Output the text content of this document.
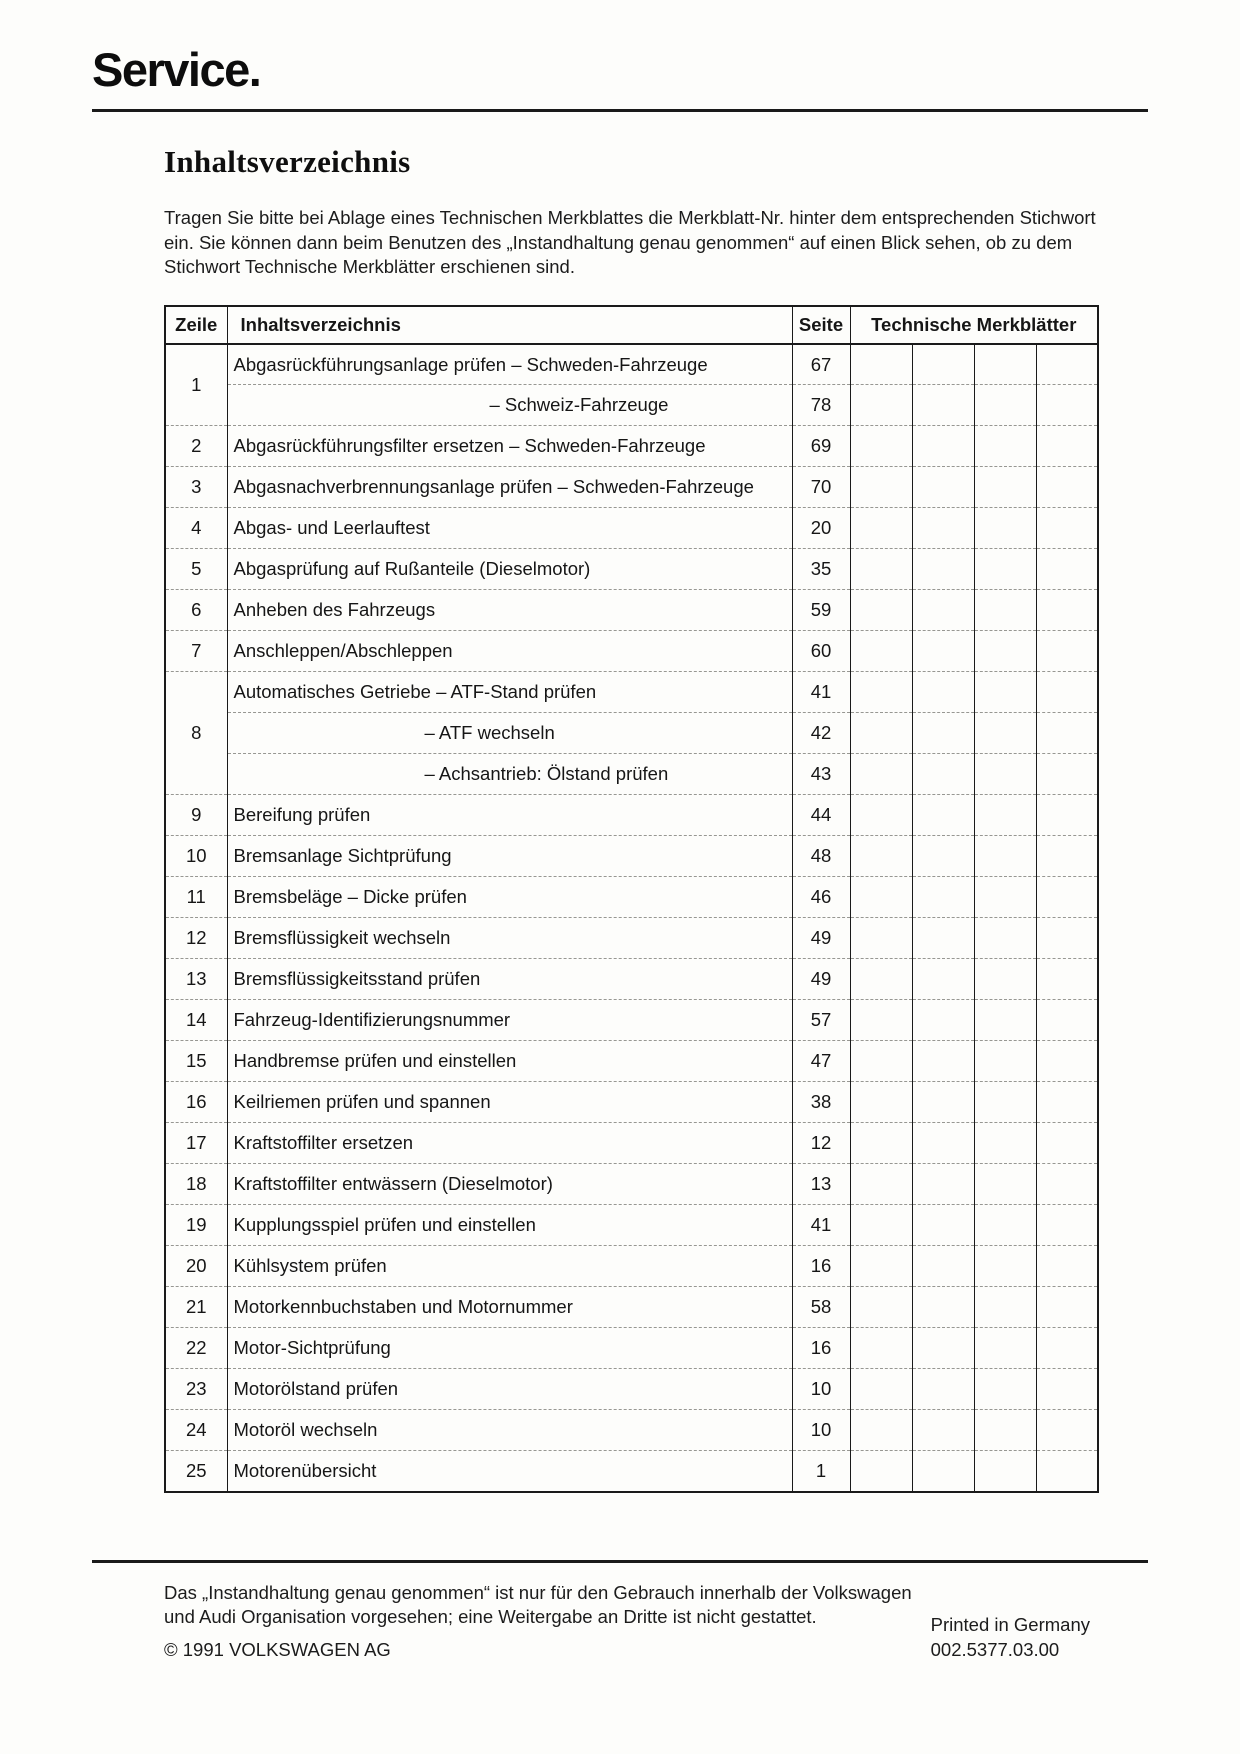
Service.
Inhaltsverzeichnis

Tragen Sie bitte bei Ablage eines Technischen Merkblattes die Merkblatt-Nr. hinter dem entsprechenden Stichwort ein. Sie können dann beim Benutzen des „Instandhaltung genau genommen“ auf einen Blick sehen, ob zu dem Stichwort Technische Merkblätter erschienen sind.

Zeile	Inhaltsverzeichnis	Seite	Technische Merkblätter			
1	Abgasrückführungsanlage prüfen – Schweden-Fahrzeuge	67				
	– Schweiz-Fahrzeuge	78				
2	Abgasrückführungsfilter ersetzen – Schweden-Fahrzeuge	69				
3	Abgasnachverbrennungsanlage prüfen – Schweden-Fahrzeuge	70				
4	Abgas- und Leerlauftest	20				
5	Abgasprüfung auf Rußanteile (Dieselmotor)	35				
6	Anheben des Fahrzeugs	59				
7	Anschleppen/Abschleppen	60				
8	Automatisches Getriebe – ATF-Stand prüfen	41				
	– ATF wechseln	42				
	– Achsantrieb: Ölstand prüfen	43				
9	Bereifung prüfen	44				
10	Bremsanlage Sichtprüfung	48				
11	Bremsbeläge – Dicke prüfen	46				
12	Bremsflüssigkeit wechseln	49				
13	Bremsflüssigkeitsstand prüfen	49				
14	Fahrzeug-Identifizierungsnummer	57				
15	Handbremse prüfen und einstellen	47				
16	Keilriemen prüfen und spannen	38				
17	Kraftstoffilter ersetzen	12				
18	Kraftstoffilter entwässern (Dieselmotor)	13				
19	Kupplungsspiel prüfen und einstellen	41				
20	Kühlsystem prüfen	16				
21	Motorkennbuchstaben und Motornummer	58				
22	Motor-Sichtprüfung	16				
23	Motorölstand prüfen	10				
24	Motoröl wechseln	10				
25	Motorenübersicht	1				

Das „Instandhaltung genau genommen“ ist nur für den Gebrauch innerhalb der Volkswagen und Audi Organisation vorgesehen; eine Weitergabe an Dritte ist nicht gestattet.

© 1991 VOLKSWAGEN AG

Printed in Germany

002.5377.03.00
